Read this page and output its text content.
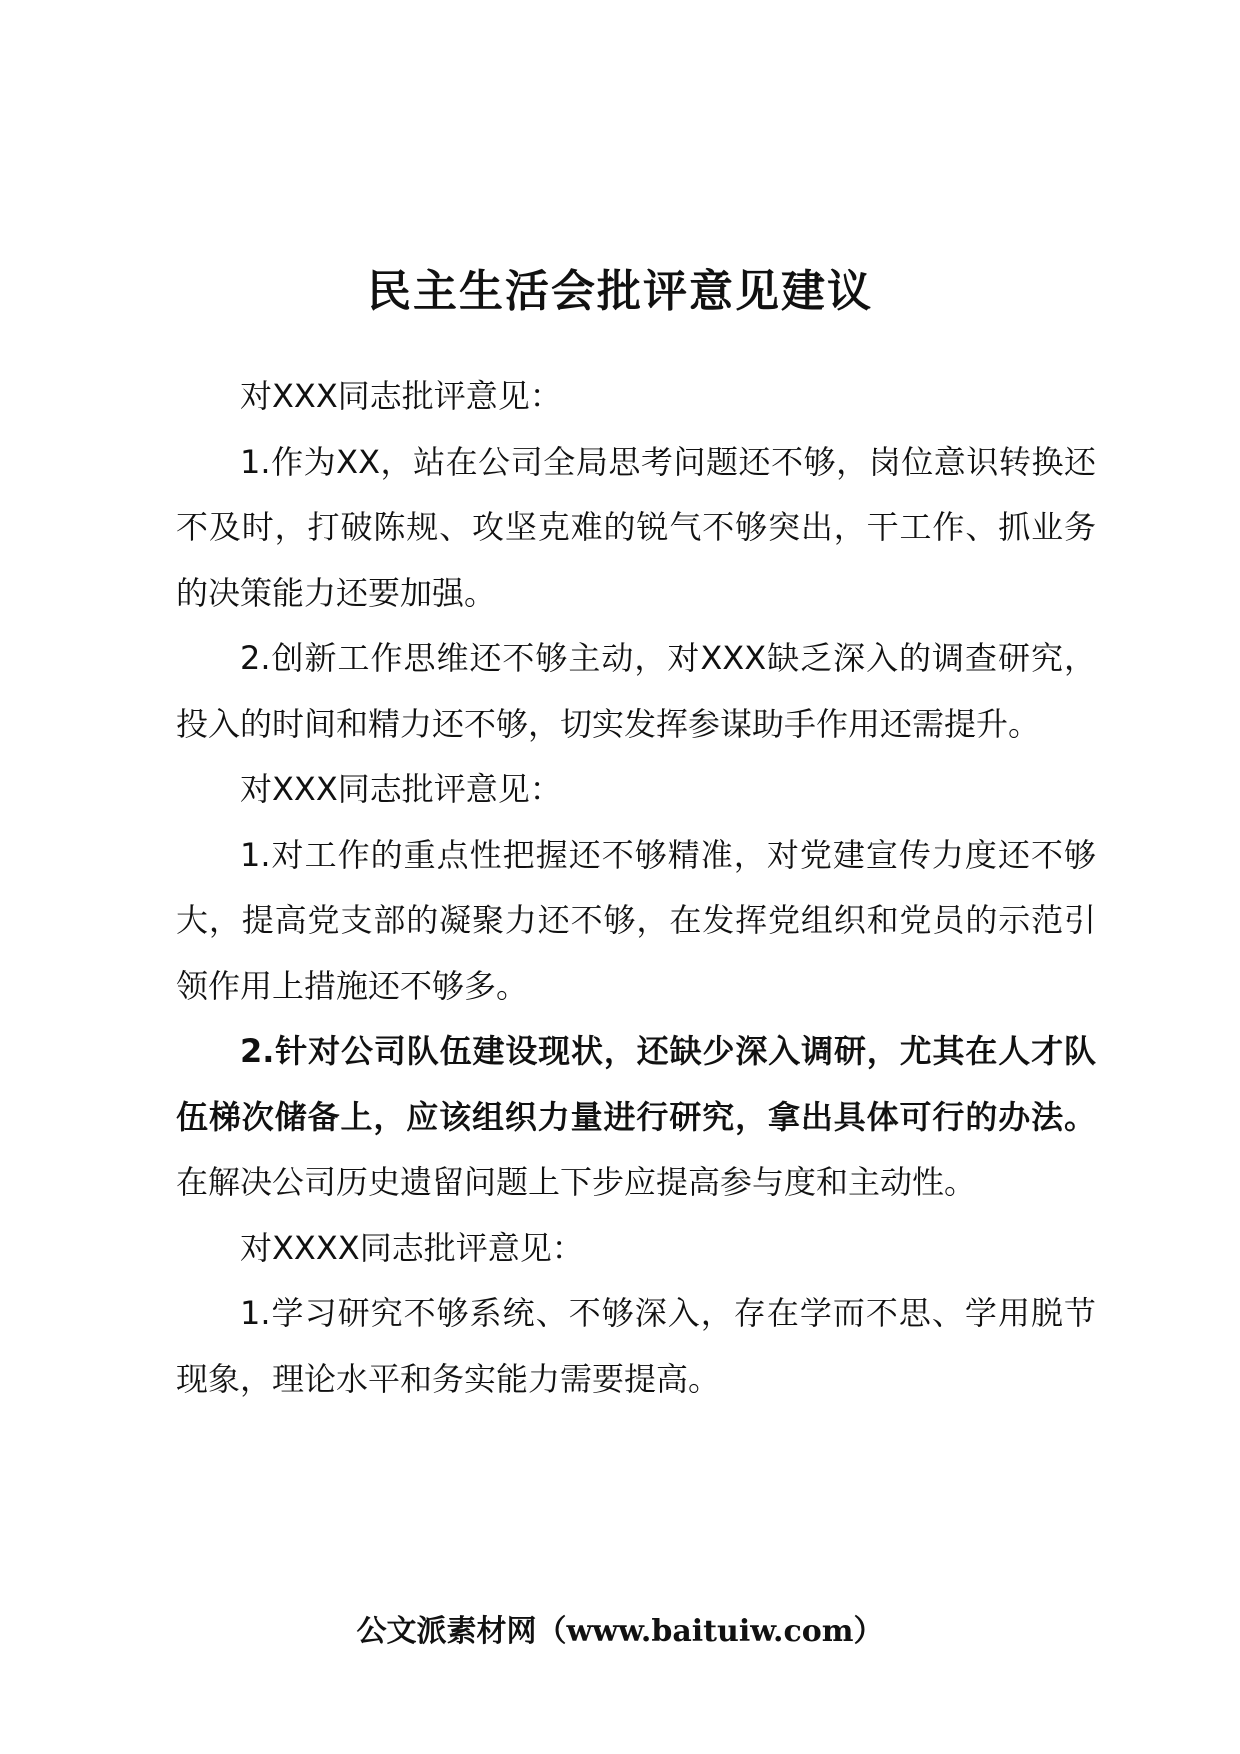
民主生活会批评意见建议

对XXX同志批评意见：

1.作为XX，站在公司全局思考问题还不够，岗位意识转换还不及时，打破陈规、攻坚克难的锐气不够突出，干工作、抓业务的决策能力还要加强。

2.创新工作思维还不够主动，对XXX缺乏深入的调查研究，投入的时间和精力还不够，切实发挥参谋助手作用还需提升。

对XXX同志批评意见：

1.对工作的重点性把握还不够精准，对党建宣传力度还不够大，提高党支部的凝聚力还不够，在发挥党组织和党员的示范引领作用上措施还不够多。

2.针对公司队伍建设现状，还缺少深入调研，尤其在人才队伍梯次储备上，应该组织力量进行研究，拿出具体可行的办法。在解决公司历史遗留问题上下步应提高参与度和主动性。

对XXXX同志批评意见：

1.学习研究不够系统、不够深入，存在学而不思、学用脱节现象，理论水平和务实能力需要提高。

公文派素材网（www.baituiw.com）
